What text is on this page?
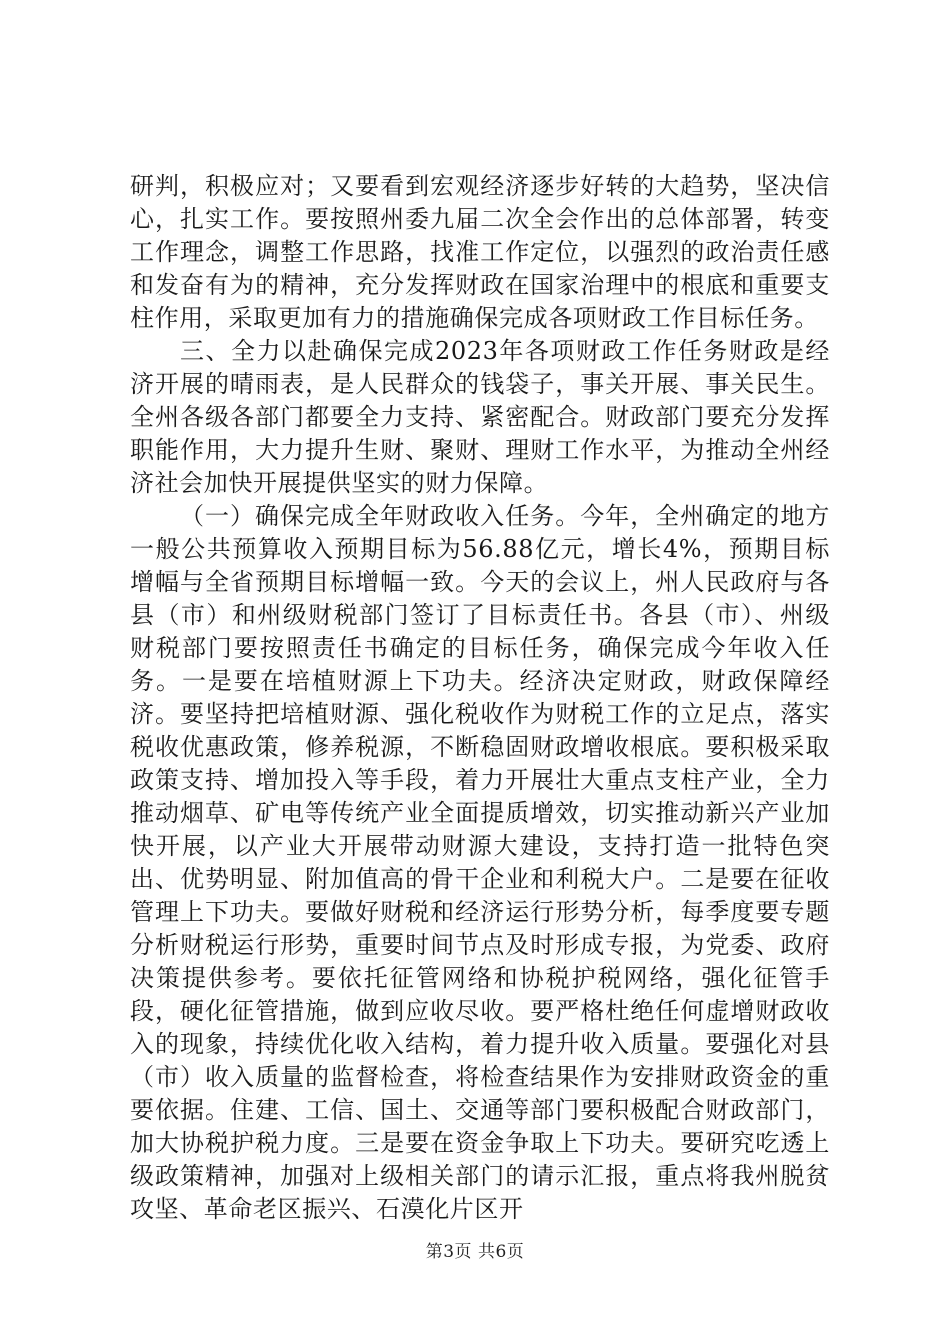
研判，积极应对；又要看到宏观经济逐步好转的大趋势，坚决信心，扎实工作。要按照州委九届二次全会作出的总体部署，转变工作理念，调整工作思路，找准工作定位，以强烈的政治责任感和发奋有为的精神，充分发挥财政在国家治理中的根底和重要支柱作用，采取更加有力的措施确保完成各项财政工作目标任务。

三、全力以赴确保完成2023年各项财政工作任务财政是经济开展的晴雨表，是人民群众的钱袋子，事关开展、事关民生。全州各级各部门都要全力支持、紧密配合。财政部门要充分发挥职能作用，大力提升生财、聚财、理财工作水平，为推动全州经济社会加快开展提供坚实的财力保障。

（一）确保完成全年财政收入任务。今年，全州确定的地方一般公共预算收入预期目标为56.88亿元，增长4%，预期目标增幅与全省预期目标增幅一致。今天的会议上，州人民政府与各县（市）和州级财税部门签订了目标责任书。各县（市）、州级财税部门要按照责任书确定的目标任务，确保完成今年收入任务。一是要在培植财源上下功夫。经济决定财政，财政保障经济。要坚持把培植财源、强化税收作为财税工作的立足点，落实税收优惠政策，修养税源，不断稳固财政增收根底。要积极采取政策支持、增加投入等手段，着力开展壮大重点支柱产业，全力推动烟草、矿电等传统产业全面提质增效，切实推动新兴产业加快开展，以产业大开展带动财源大建设，支持打造一批特色突出、优势明显、附加值高的骨干企业和利税大户。二是要在征收管理上下功夫。要做好财税和经济运行形势分析，每季度要专题分析财税运行形势，重要时间节点及时形成专报，为党委、政府决策提供参考。要依托征管网络和协税护税网络，强化征管手段，硬化征管措施，做到应收尽收。要严格杜绝任何虚增财政收入的现象，持续优化收入结构，着力提升收入质量。要强化对县（市）收入质量的监督检查，将检查结果作为安排财政资金的重要依据。住建、工信、国土、交通等部门要积极配合财政部门，加大协税护税力度。三是要在资金争取上下功夫。要研究吃透上级政策精神，加强对上级相关部门的请示汇报，重点将我州脱贫攻坚、革命老区振兴、石漠化片区开

第3页 共6页
